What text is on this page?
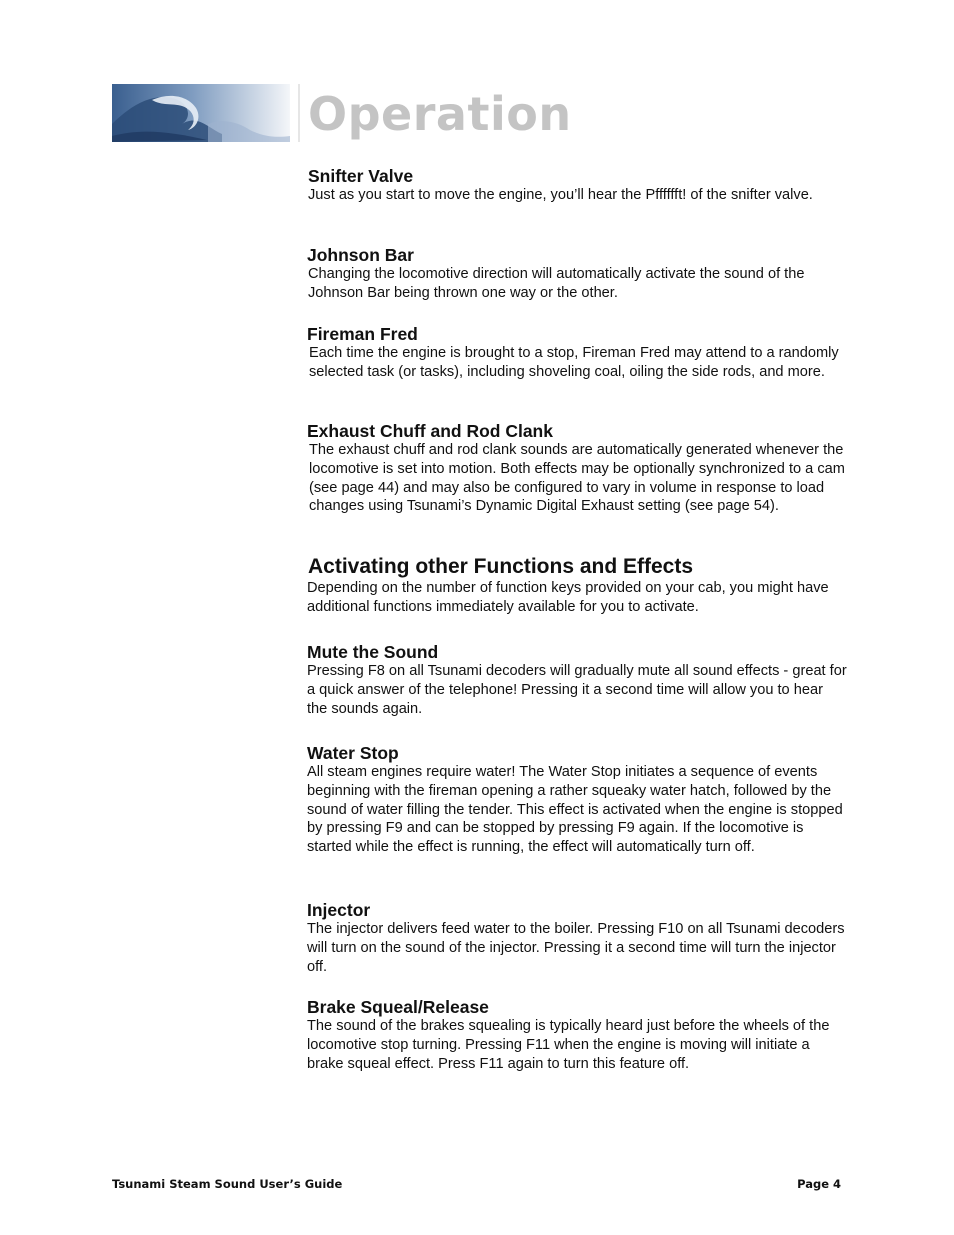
Operation
Snifter Valve

Just as you start to move the engine, you’ll hear the Pfffffft! of the snifter valve.

Johnson Bar

Changing the locomotive direction will automatically activate the sound of the Johnson Bar being thrown one way or the other.

Fireman Fred

Each time the engine is brought to a stop, Fireman Fred may attend to a randomly selected task (or tasks), including shoveling coal, oiling the side rods, and more.

Exhaust Chuff and Rod Clank

The exhaust chuff and rod clank sounds are automatically generated whenever the locomotive is set into motion. Both effects may be optionally synchronized to a cam (see page 44) and may also be configured to vary in volume in response to load changes using Tsunami’s Dynamic Digital Exhaust setting (see page 54).

Activating other Functions and Effects

Depending on the number of function keys provided on your cab, you might have additional functions immediately available for you to activate.

Mute the Sound

Pressing F8 on all Tsunami decoders will gradually mute all sound effects - great for a quick answer of the telephone! Pressing it a second time will allow you to hear the sounds again.

Water Stop

All steam engines require water! The Water Stop initiates a sequence of events beginning with the fireman opening a rather squeaky water hatch, followed by the sound of water filling the tender. This effect is activated when the engine is stopped by pressing F9 and can be stopped by pressing F9 again. If the locomotive is started while the effect is running, the effect will automatically turn off.

Injector

The injector delivers feed water to the boiler. Pressing F10 on all Tsunami decoders will turn on the sound of the injector. Pressing it a second time will turn the injector off.

Brake Squeal/Release

The sound of the brakes squealing is typically heard just before the wheels of the locomotive stop turning. Pressing F11 when the engine is moving will initiate a brake squeal effect. Press F11 again to turn this feature off.

Tsunami Steam Sound User’s Guide	Page 4
